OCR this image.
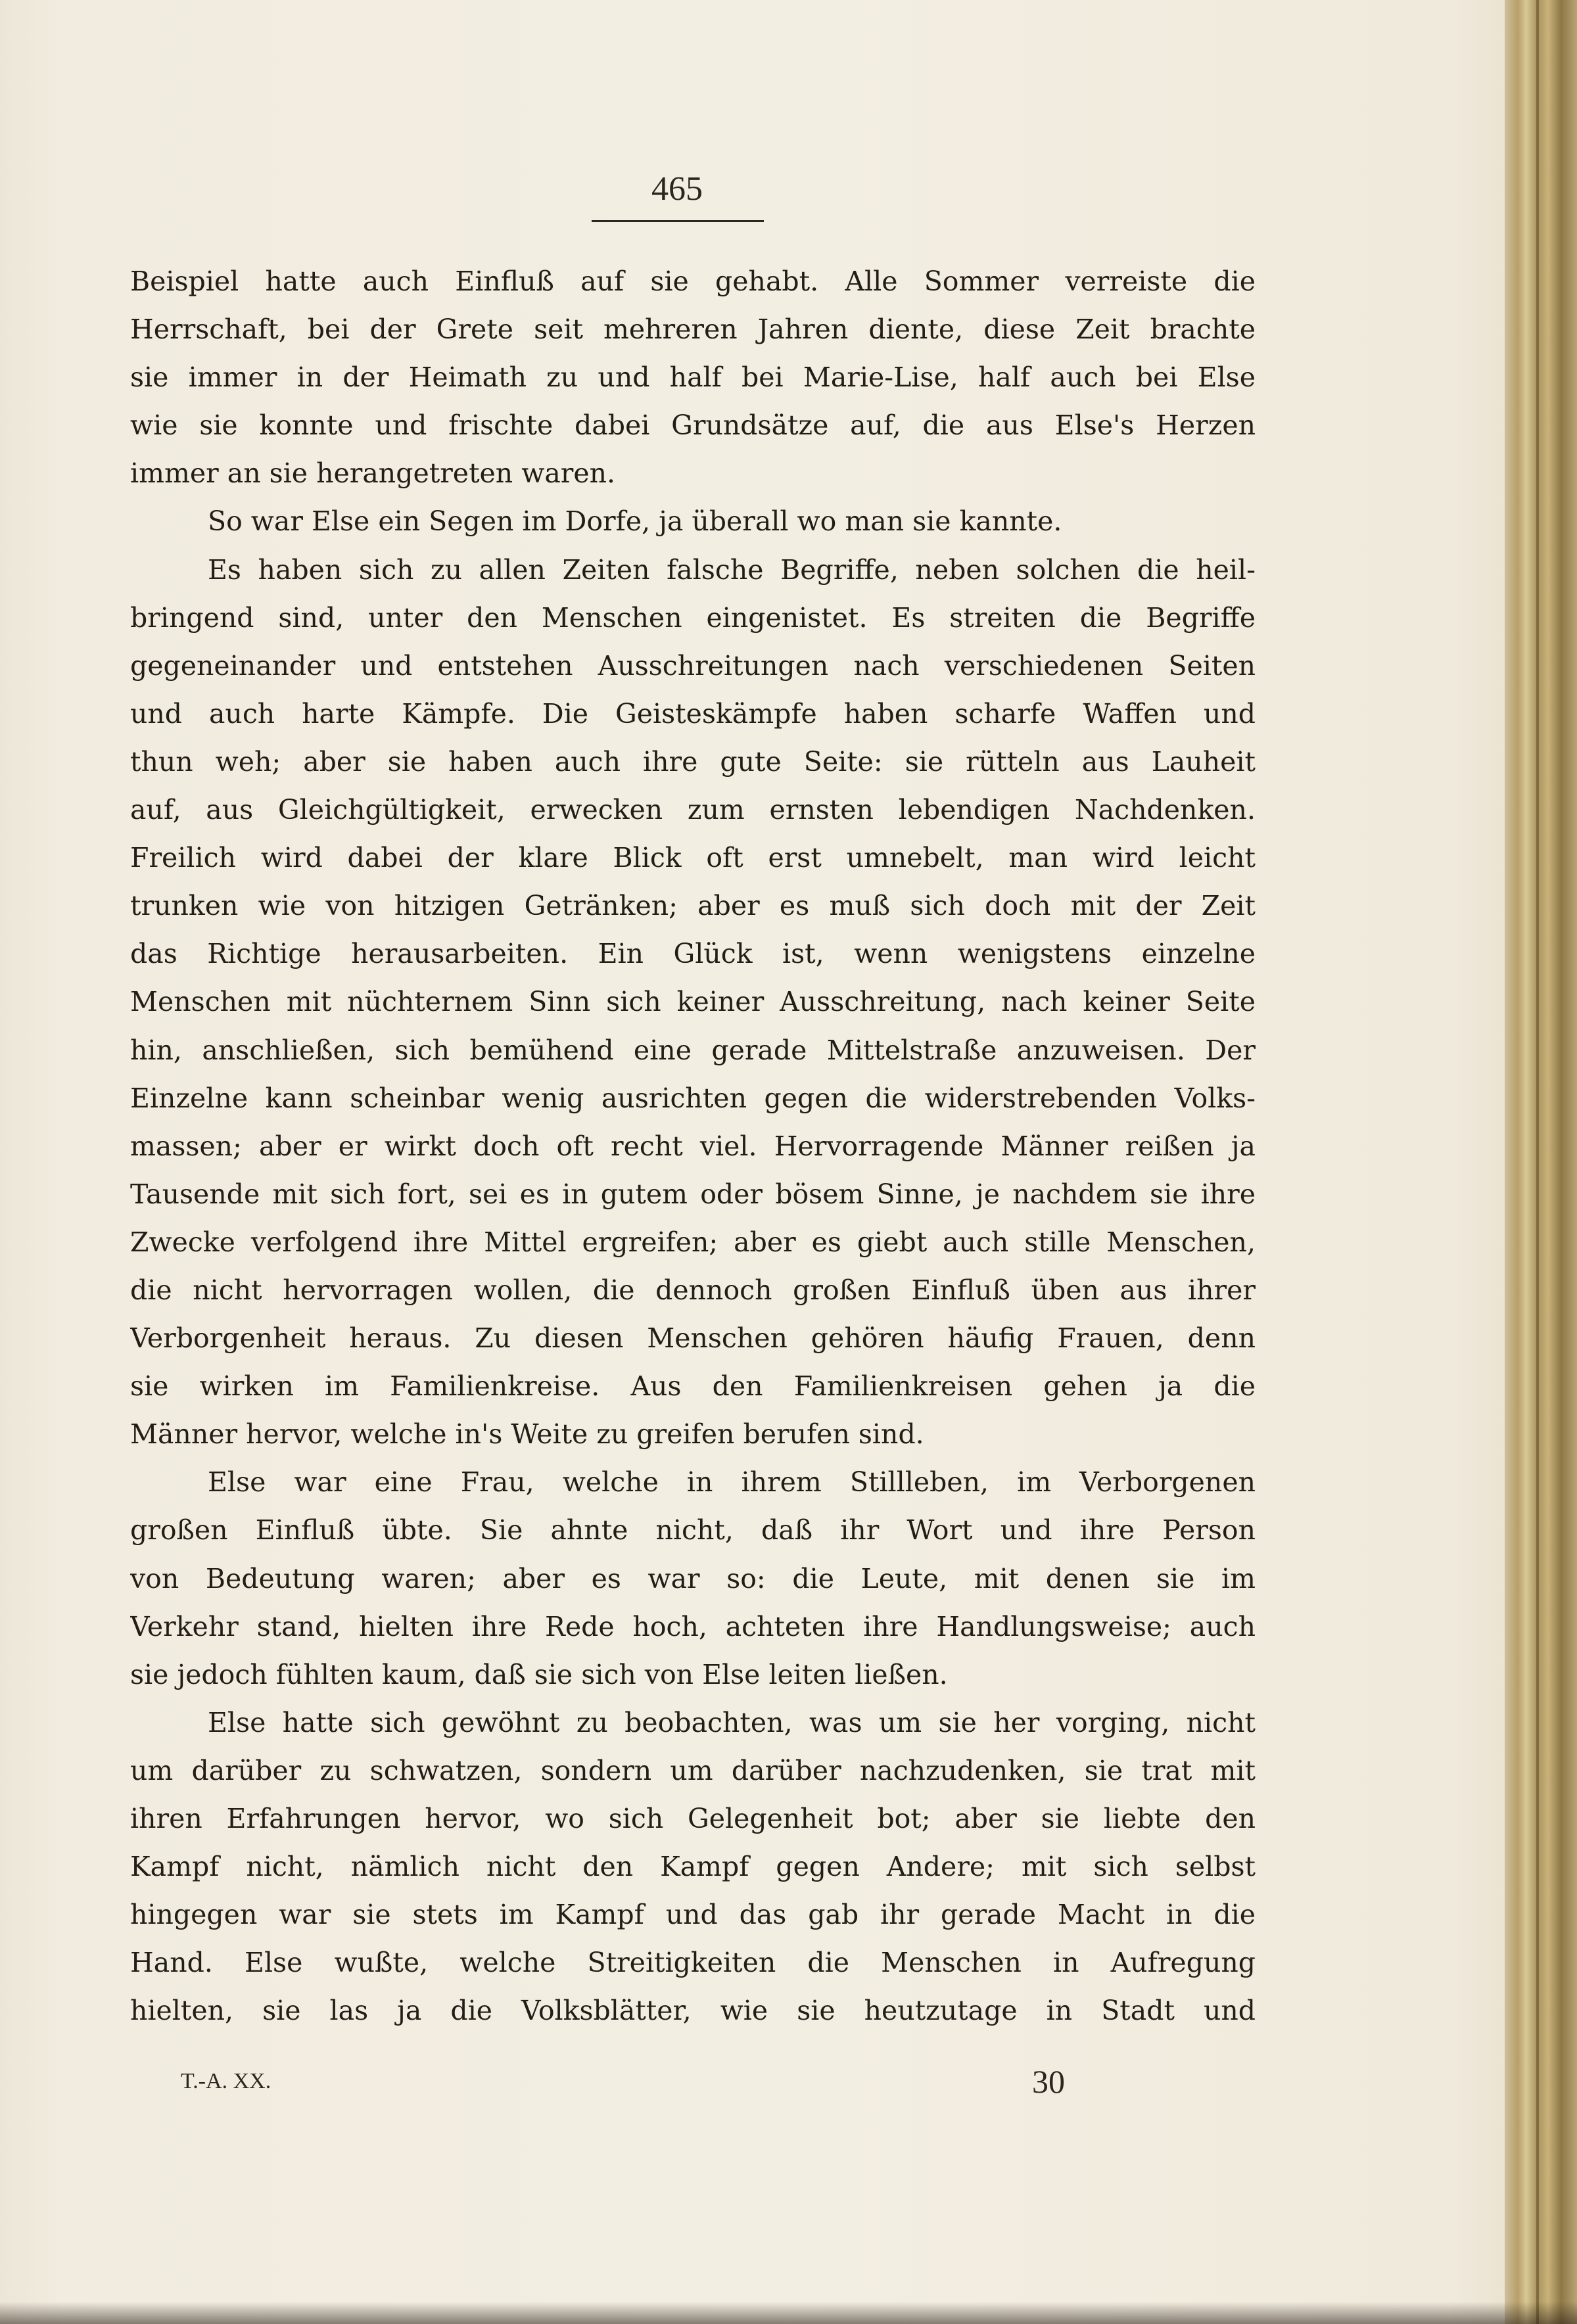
465
Beispiel hatte auch Einfluß auf sie gehabt. Alle Sommer verreiste die
Herrschaft, bei der Grete seit mehreren Jahren diente, diese Zeit brachte
sie immer in der Heimath zu und half bei Marie-Lise, half auch bei Else
wie sie konnte und frischte dabei Grundsätze auf, die aus Else's Herzen
immer an sie herangetreten waren.
So war Else ein Segen im Dorfe, ja überall wo man sie kannte.
Es haben sich zu allen Zeiten falsche Begriffe, neben solchen die heil-
bringend sind, unter den Menschen eingenistet. Es streiten die Begriffe
gegeneinander und entstehen Ausschreitungen nach verschiedenen Seiten
und auch harte Kämpfe. Die Geisteskämpfe haben scharfe Waffen und
thun weh; aber sie haben auch ihre gute Seite: sie rütteln aus Lauheit
auf, aus Gleichgültigkeit, erwecken zum ernsten lebendigen Nachdenken.
Freilich wird dabei der klare Blick oft erst umnebelt, man wird leicht
trunken wie von hitzigen Getränken; aber es muß sich doch mit der Zeit
das Richtige herausarbeiten. Ein Glück ist, wenn wenigstens einzelne
Menschen mit nüchternem Sinn sich keiner Ausschreitung, nach keiner Seite
hin, anschließen, sich bemühend eine gerade Mittelstraße anzuweisen. Der
Einzelne kann scheinbar wenig ausrichten gegen die widerstrebenden Volks-
massen; aber er wirkt doch oft recht viel. Hervorragende Männer reißen ja
Tausende mit sich fort, sei es in gutem oder bösem Sinne, je nachdem sie ihre
Zwecke verfolgend ihre Mittel ergreifen; aber es giebt auch stille Menschen,
die nicht hervorragen wollen, die dennoch großen Einfluß üben aus ihrer
Verborgenheit heraus. Zu diesen Menschen gehören häufig Frauen, denn
sie wirken im Familienkreise. Aus den Familienkreisen gehen ja die
Männer hervor, welche in's Weite zu greifen berufen sind.
Else war eine Frau, welche in ihrem Stillleben, im Verborgenen
großen Einfluß übte. Sie ahnte nicht, daß ihr Wort und ihre Person
von Bedeutung waren; aber es war so: die Leute, mit denen sie im
Verkehr stand, hielten ihre Rede hoch, achteten ihre Handlungsweise; auch
sie jedoch fühlten kaum, daß sie sich von Else leiten ließen.
Else hatte sich gewöhnt zu beobachten, was um sie her vorging, nicht
um darüber zu schwatzen, sondern um darüber nachzudenken, sie trat mit
ihren Erfahrungen hervor, wo sich Gelegenheit bot; aber sie liebte den
Kampf nicht, nämlich nicht den Kampf gegen Andere; mit sich selbst
hingegen war sie stets im Kampf und das gab ihr gerade Macht in die
Hand. Else wußte, welche Streitigkeiten die Menschen in Aufregung
hielten, sie las ja die Volksblätter, wie sie heutzutage in Stadt und
T.-A. XX.	30
